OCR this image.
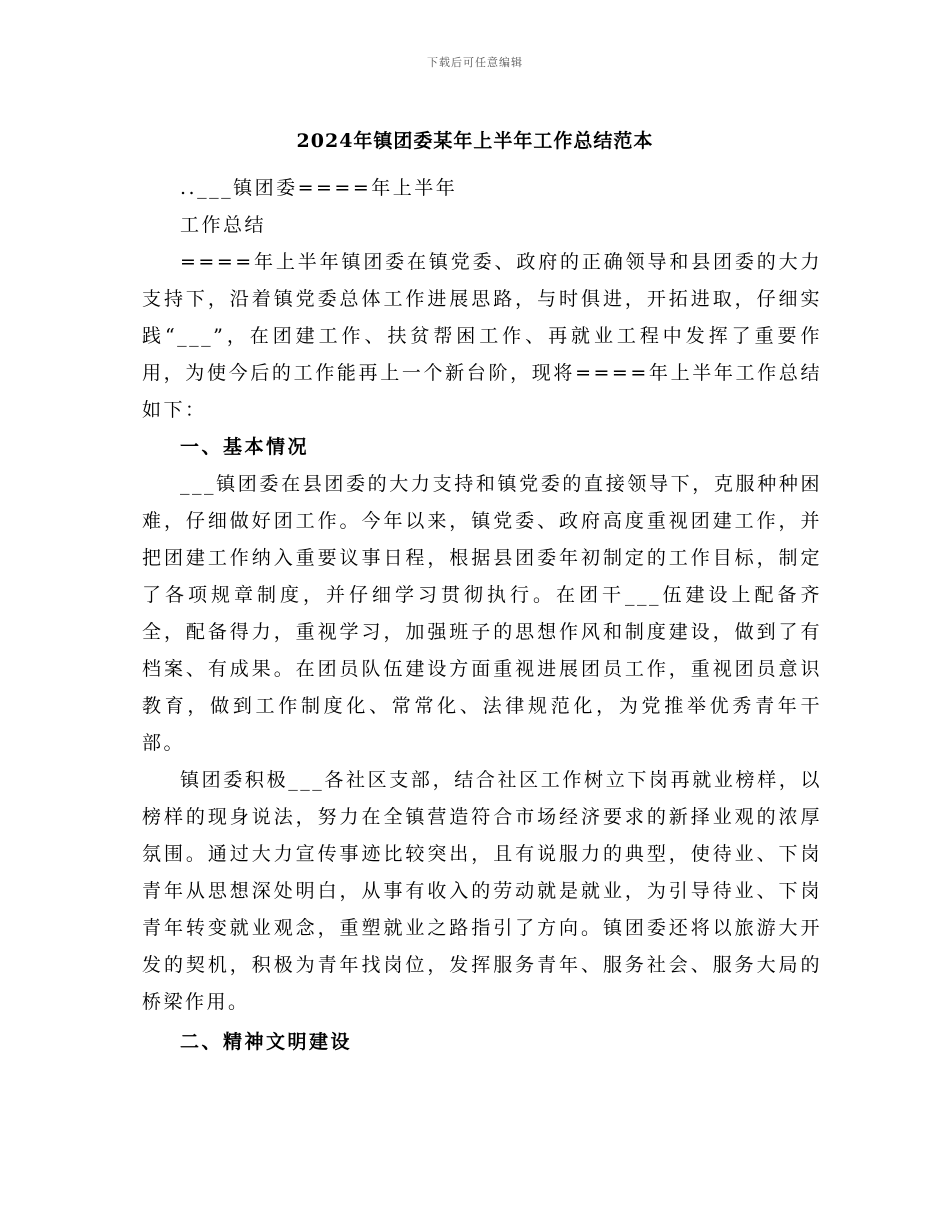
下载后可任意编辑
2024年镇团委某年上半年工作总结范本

..___镇团委====年上半年

工作总结

====年上半年镇团委在镇党委、政府的正确领导和县团委的大力支持下，沿着镇党委总体工作进展思路，与时俱进，开拓进取，仔细实践“___”，在团建工作、扶贫帮困工作、再就业工程中发挥了重要作用，为使今后的工作能再上一个新台阶，现将====年上半年工作总结如下：

一、基本情况

___镇团委在县团委的大力支持和镇党委的直接领导下，克服种种困难，仔细做好团工作。今年以来，镇党委、政府高度重视团建工作，并把团建工作纳入重要议事日程，根据县团委年初制定的工作目标，制定了各项规章制度，并仔细学习贯彻执行。在团干___伍建设上配备齐全，配备得力，重视学习，加强班子的思想作风和制度建设，做到了有档案、有成果。在团员队伍建设方面重视进展团员工作，重视团员意识教育，做到工作制度化、常常化、法律规范化，为党推举优秀青年干部。

镇团委积极___各社区支部，结合社区工作树立下岗再就业榜样，以榜样的现身说法，努力在全镇营造符合市场经济要求的新择业观的浓厚氛围。通过大力宣传事迹比较突出，且有说服力的典型，使待业、下岗青年从思想深处明白，从事有收入的劳动就是就业，为引导待业、下岗青年转变就业观念，重塑就业之路指引了方向。镇团委还将以旅游大开发的契机，积极为青年找岗位，发挥服务青年、服务社会、服务大局的桥梁作用。

二、精神文明建设
